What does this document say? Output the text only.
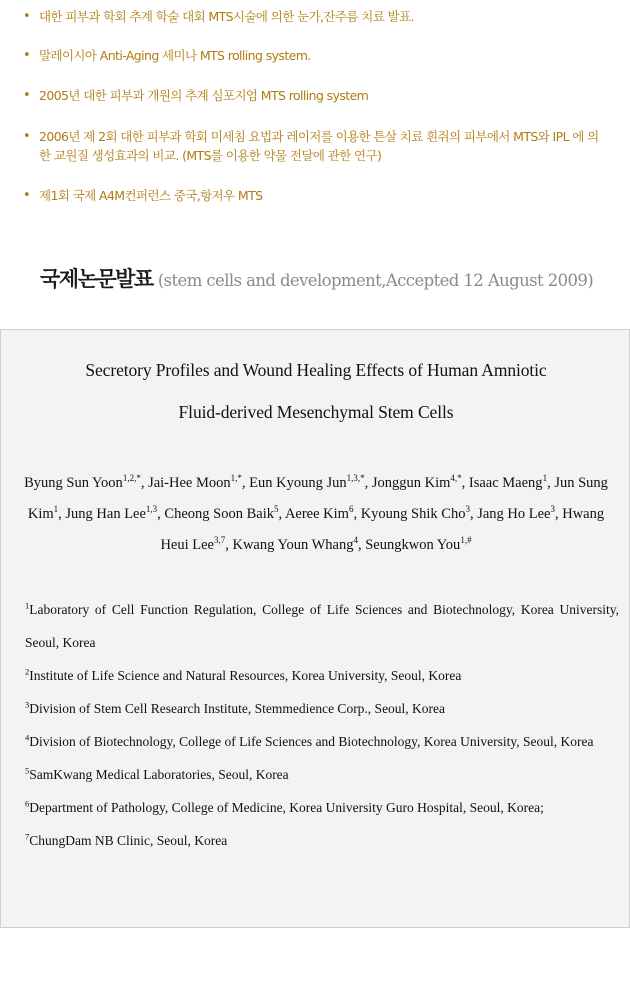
• 대한 피부과 학회 추계 학술 대회 MTS시술에 의한 눈가,잔주름 치료 발표.
• 말레이시아 Anti-Aging 세미나 MTS rolling system.
• 2005년 대한 피부과 개원의 추계 심포지엄 MTS rolling system
• 2006년 제 2회 대한 피부과 학회 미세침 요법과 레이저를 이용한 튼살 치료 흰쥐의 피부에서 MTS와 IPL 에 의한 교원질 생성효과의 비교. (MTS를 이용한 약물 전달에 관한 연구)
• 제1회 국제 A4M컨퍼런스 중국,항저우 MTS
국제논문발표 (stem cells and development,Accepted 12 August 2009)
Secretory Profiles and Wound Healing Effects of Human Amniotic
Fluid-derived Mesenchymal Stem Cells
Byung Sun Yoon$^{1,2,*}$, Jai-Hee Moon$^{1,*}$, Eun Kyoung Jun$^{1,3,*}$, Jonggun Kim$^{4,*}$, Isaac Maeng$^1$, Jun Sung Kim$^1$, Jung Han Lee$^{1,3}$, Cheong Soon Baik$^5$, Aeree Kim$^6$, Kyoung Shik Cho$^3$, Jang Ho Lee$^3$, Hwang Heui Lee$^{3,7}$, Kwang Youn Whang$^4$, Seungkwon You$^{1,\#}$
$^1$Laboratory of Cell Function Regulation, College of Life Sciences and Biotechnology, Korea University, Seoul, Korea
$^2$Institute of Life Science and Natural Resources, Korea University, Seoul, Korea
$^3$Division of Stem Cell Research Institute, Stemmedience Corp., Seoul, Korea
$^4$Division of Biotechnology, College of Life Sciences and Biotechnology, Korea University, Seoul, Korea
$^5$SamKwang Medical Laboratories, Seoul, Korea
$^6$Department of Pathology, College of Medicine, Korea University Guro Hospital, Seoul, Korea;
$^7$ChungDam NB Clinic, Seoul, Korea
